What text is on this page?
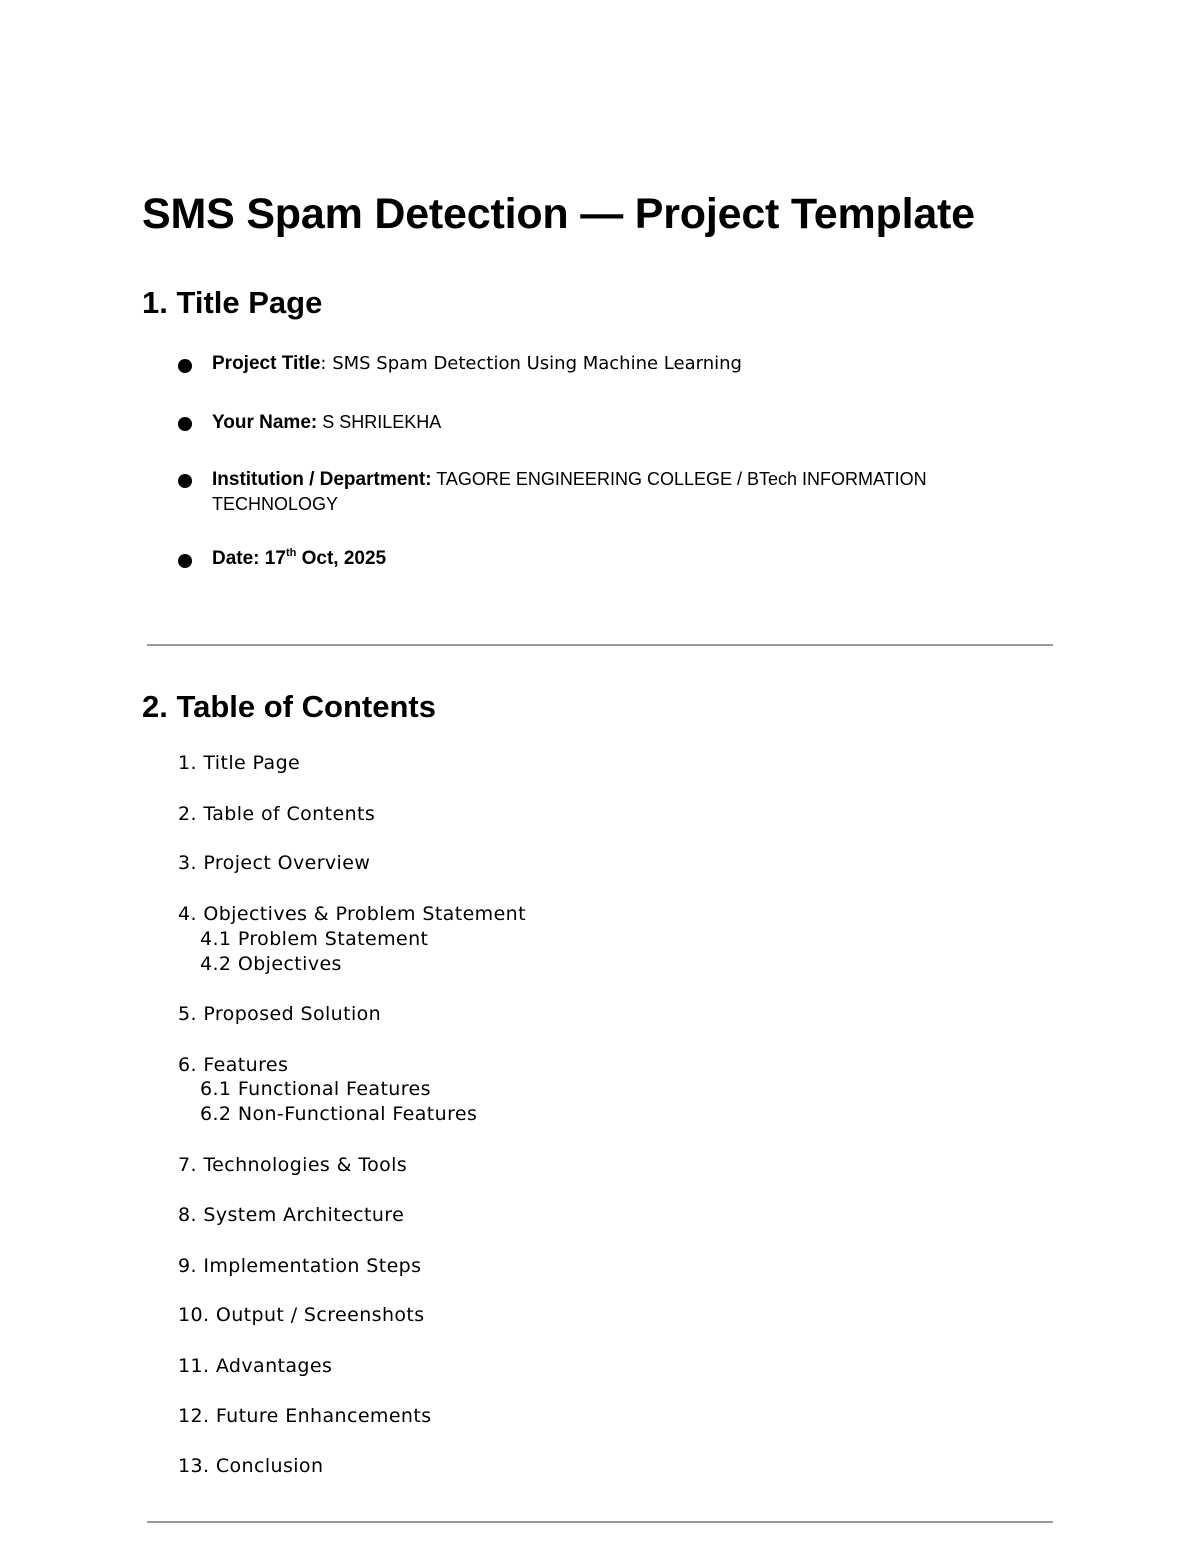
SMS Spam Detection — Project Template
1. Title Page
Project Title: SMS Spam Detection Using Machine Learning
Your Name: S SHRILEKHA
Institution / Department: TAGORE ENGINEERING COLLEGE / BTech INFORMATION TECHNOLOGY
Date: 17th Oct, 2025
2. Table of Contents
1. Title Page
2. Table of Contents
3. Project Overview
4. Objectives & Problem Statement
4.1 Problem Statement
4.2 Objectives
5. Proposed Solution
6. Features
6.1 Functional Features
6.2 Non-Functional Features
7. Technologies & Tools
8. System Architecture
9. Implementation Steps
10. Output / Screenshots
11. Advantages
12. Future Enhancements
13. Conclusion
